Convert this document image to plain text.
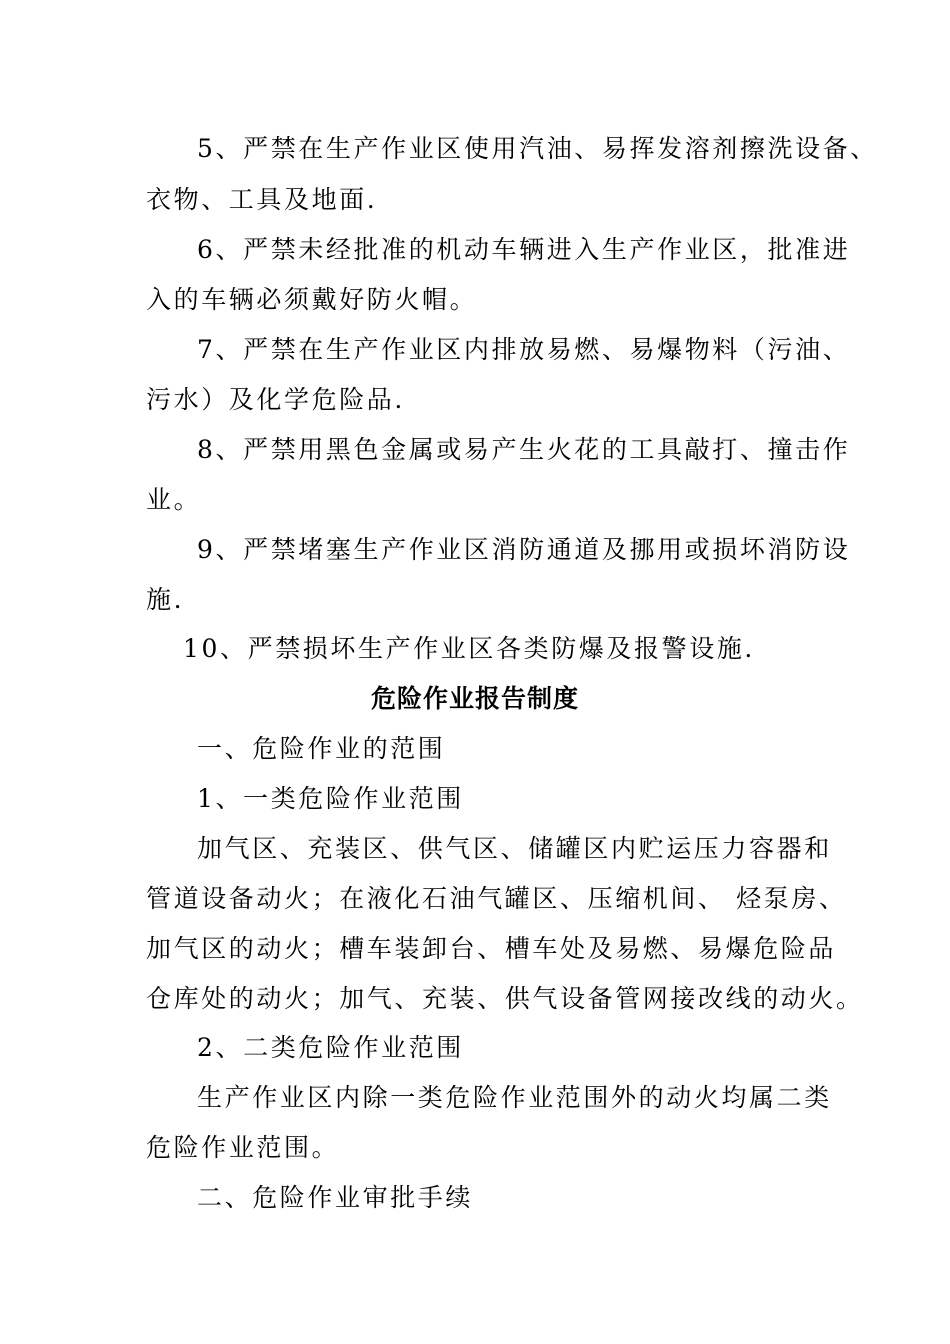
5、严禁在生产作业区使用汽油、易挥发溶剂擦洗设备、
衣物、工具及地面.
6、严禁未经批准的机动车辆进入生产作业区，批准进
入的车辆必须戴好防火帽。
7、严禁在生产作业区内排放易燃、易爆物料（污油、
污水）及化学危险品.
8、严禁用黑色金属或易产生火花的工具敲打、撞击作
业。
9、严禁堵塞生产作业区消防通道及挪用或损坏消防设
施.
10、严禁损坏生产作业区各类防爆及报警设施.
危险作业报告制度
一、危险作业的范围
1、一类危险作业范围
加气区、充装区、供气区、储罐区内贮运压力容器和
管道设备动火；在液化石油气罐区、压缩机间、 烃泵房、
加气区的动火；槽车装卸台、槽车处及易燃、易爆危险品
仓库处的动火；加气、充装、供气设备管网接改线的动火。
2、二类危险作业范围
生产作业区内除一类危险作业范围外的动火均属二类
危险作业范围。
二、危险作业审批手续
